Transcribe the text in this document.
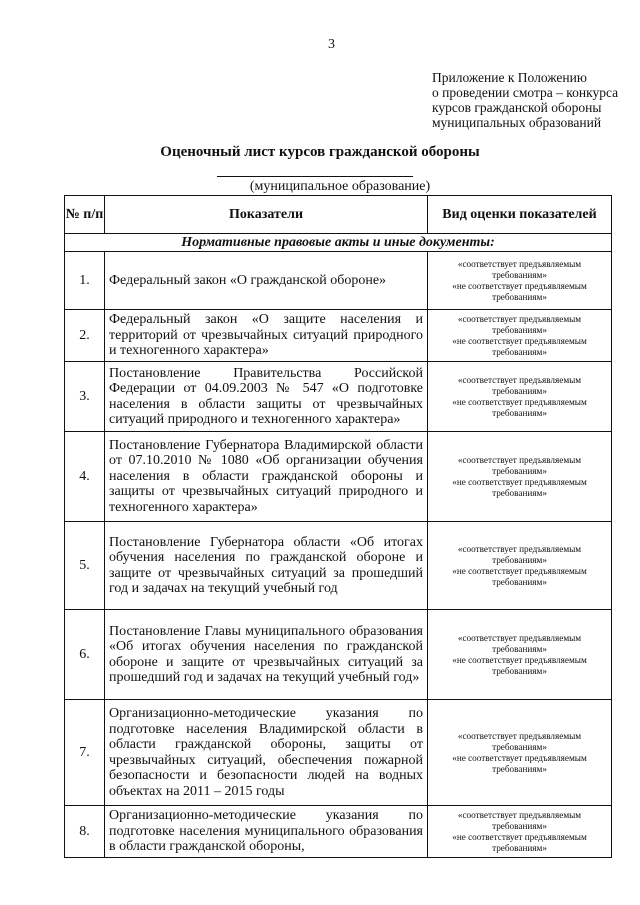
3
Приложение к Положению
о проведении смотра – конкурса
курсов гражданской обороны
муниципальных образований
Оценочный лист курсов гражданской обороны
(муниципальное образование)
№ п/п	Показатели	Вид оценки показателей
Нормативные правовые акты и иные документы:		
1.	Федеральный закон «О гражданской обороне»	«соответствует предъявляемым требованиям»
«не соответствует предъявляемым требованиям»

2.	Федеральный закон «О защите населения и территорий от чрезвычайных ситуаций природного и техногенного характера»	«соответствует предъявляемым требованиям»
«не соответствует предъявляемым требованиям»

3.	Постановление Правительства Российской Федерации от 04.09.2003 № 547 «О подготовке населения в области защиты от чрезвычайных ситуаций природного и техногенного характера»	«соответствует предъявляемым требованиям»
«не соответствует предъявляемым требованиям»

4.	Постановление Губернатора Владимирской области от 07.10.2010 № 1080 «Об организации обучения населения в области гражданской обороны и защиты от чрезвычайных ситуаций природного и техногенного характера»	«соответствует предъявляемым требованиям»
«не соответствует предъявляемым требованиям»

5.	Постановление Губернатора области «Об итогах обучения населения по гражданской обороне и защите от чрезвычайных ситуаций за прошедший год и задачах на текущий учебный год	«соответствует предъявляемым требованиям»
«не соответствует предъявляемым требованиям»

6.	Постановление Главы муниципального образования «Об итогах обучения населения по гражданской обороне и защите от чрезвычайных ситуаций за прошедший год и задачах на текущий учебный год»	«соответствует предъявляемым требованиям»
«не соответствует предъявляемым требованиям»

7.	Организационно-методические указания по подготовке населения Владимирской области в области гражданской обороны, защиты от чрезвычайных ситуаций, обеспечения пожарной безопасности и безопасности людей на водных объектах на 2011 – 2015 годы	«соответствует предъявляемым требованиям»
«не соответствует предъявляемым требованиям»

8.	Организационно-методические указания по подготовке населения муниципального образования в области гражданской обороны,	«соответствует предъявляемым требованиям»
«не соответствует предъявляемым требованиям»
